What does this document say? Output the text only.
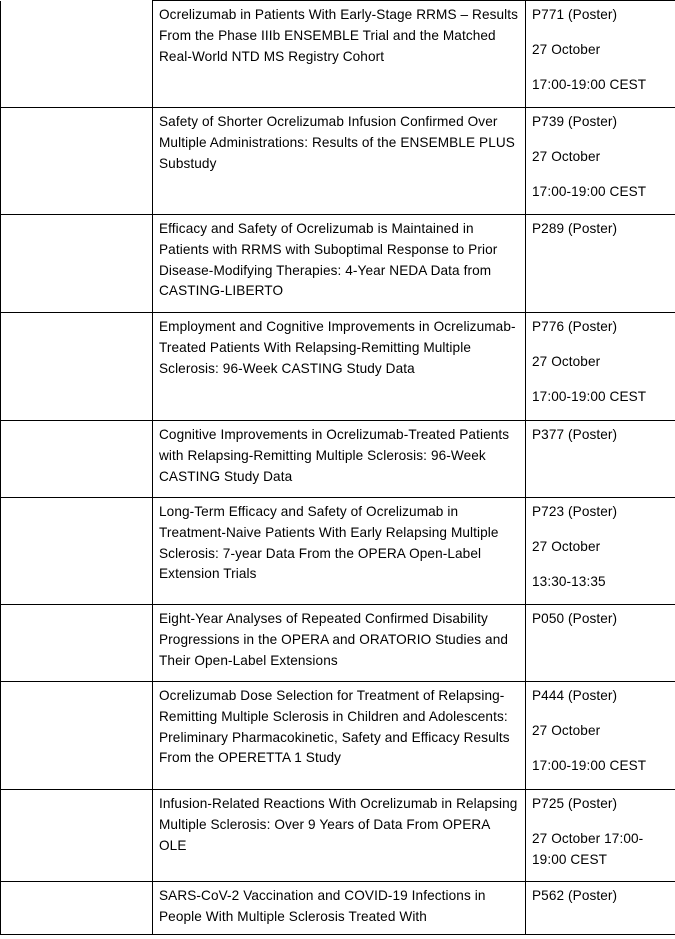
	Ocrelizumab in Patients With Early-Stage RRMS – Results From the Phase IIIb ENSEMBLE Trial and the Matched Real-World NTD MS Registry Cohort	P771 (Poster)

27 October

17:00-19:00 CEST

	Safety of Shorter Ocrelizumab Infusion Confirmed Over Multiple Administrations: Results of the ENSEMBLE PLUS Substudy	P739 (Poster)

27 October

17:00-19:00 CEST

	Efficacy and Safety of Ocrelizumab is Maintained in Patients with RRMS with Suboptimal Response to Prior Disease-Modifying Therapies: 4-Year NEDA Data from CASTING-LIBERTO	P289 (Poster)

	Employment and Cognitive Improvements in Ocrelizumab-Treated Patients With Relapsing-Remitting Multiple Sclerosis: 96-Week CASTING Study Data	P776 (Poster)

27 October

17:00-19:00 CEST

	Cognitive Improvements in Ocrelizumab-Treated Patients with Relapsing-Remitting Multiple Sclerosis: 96-Week CASTING Study Data	P377 (Poster)

	Long-Term Efficacy and Safety of Ocrelizumab in Treatment-Naive Patients With Early Relapsing Multiple Sclerosis: 7-year Data From the OPERA Open-Label Extension Trials	P723 (Poster)

27 October

13:30-13:35

	Eight-Year Analyses of Repeated Confirmed Disability Progressions in the OPERA and ORATORIO Studies and Their Open-Label Extensions	P050 (Poster)

	Ocrelizumab Dose Selection for Treatment of Relapsing-Remitting Multiple Sclerosis in Children and Adolescents: Preliminary Pharmacokinetic, Safety and Efficacy Results From the OPERETTA 1 Study	P444 (Poster)

27 October

17:00-19:00 CEST

	Infusion-Related Reactions With Ocrelizumab in Relapsing Multiple Sclerosis: Over 9 Years of Data From OPERA OLE	P725 (Poster)

27 October 17:00-19:00 CEST

	SARS-CoV-2 Vaccination and COVID-19 Infections in People With Multiple Sclerosis Treated With	P562 (Poster)
